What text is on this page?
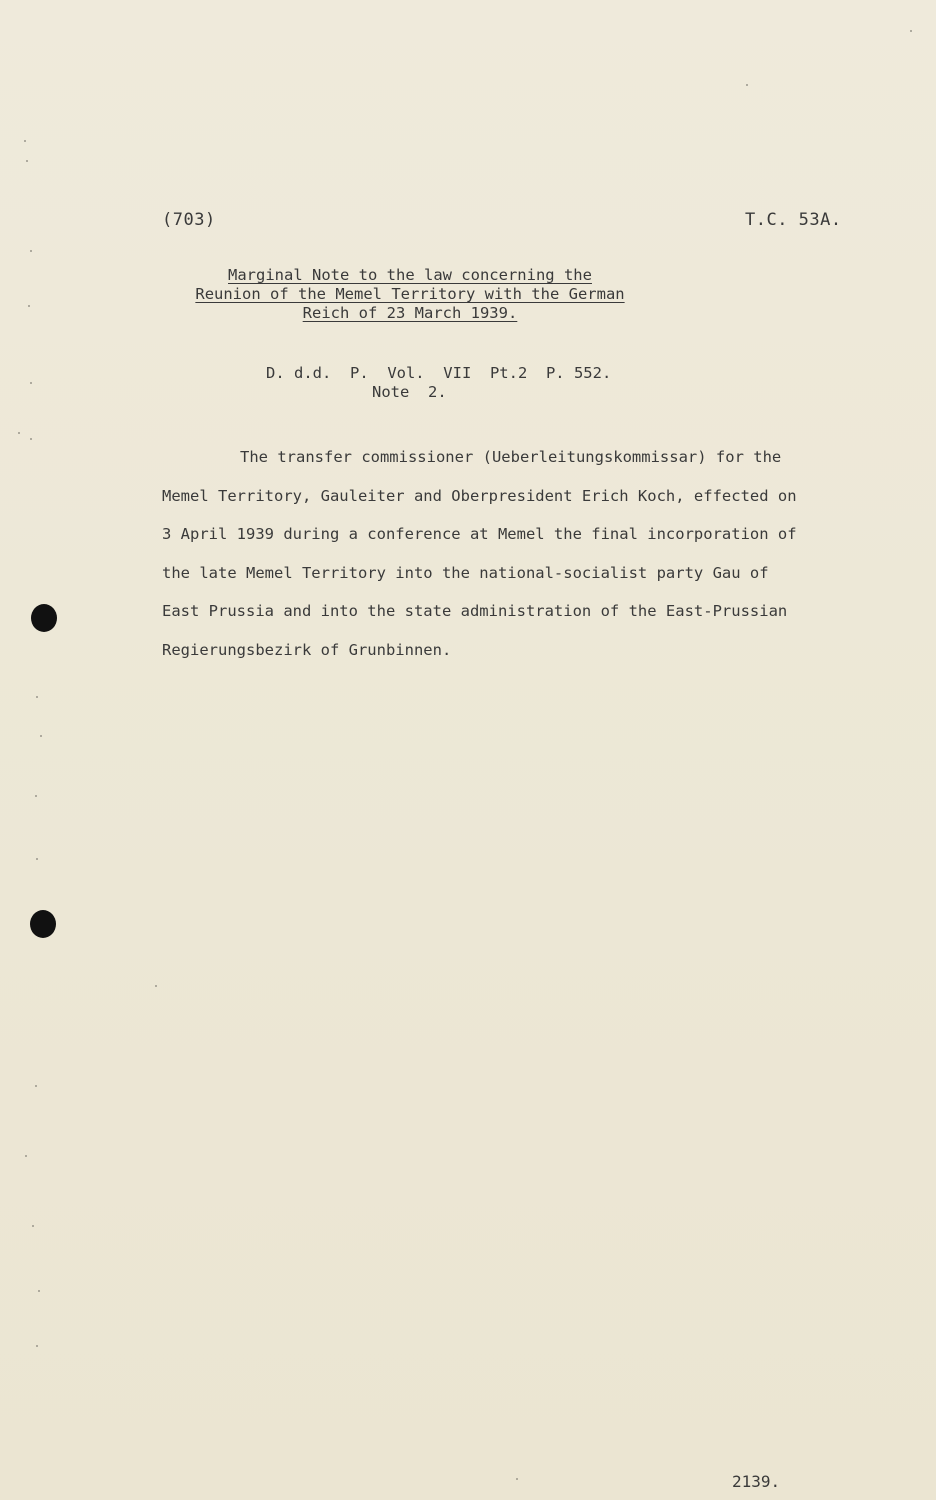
(703)	T.C. 53A.
Marginal Note to the law concerning the
Reunion of the Memel Territory with the German
Reich of 23 March 1939.
D. d.d.  P.  Vol.  VII  Pt.2  P. 552.
Note  2.
The transfer commissioner (Ueberleitungskommissar) for the
Memel Territory, Gauleiter and Oberpresident Erich Koch, effected on
3 April 1939 during a conference at Memel the final incorporation of
the late Memel Territory into the national-socialist party Gau of
East Prussia and into the state administration of the East-Prussian
Regierungsbezirk of Grunbinnen.
2139.
